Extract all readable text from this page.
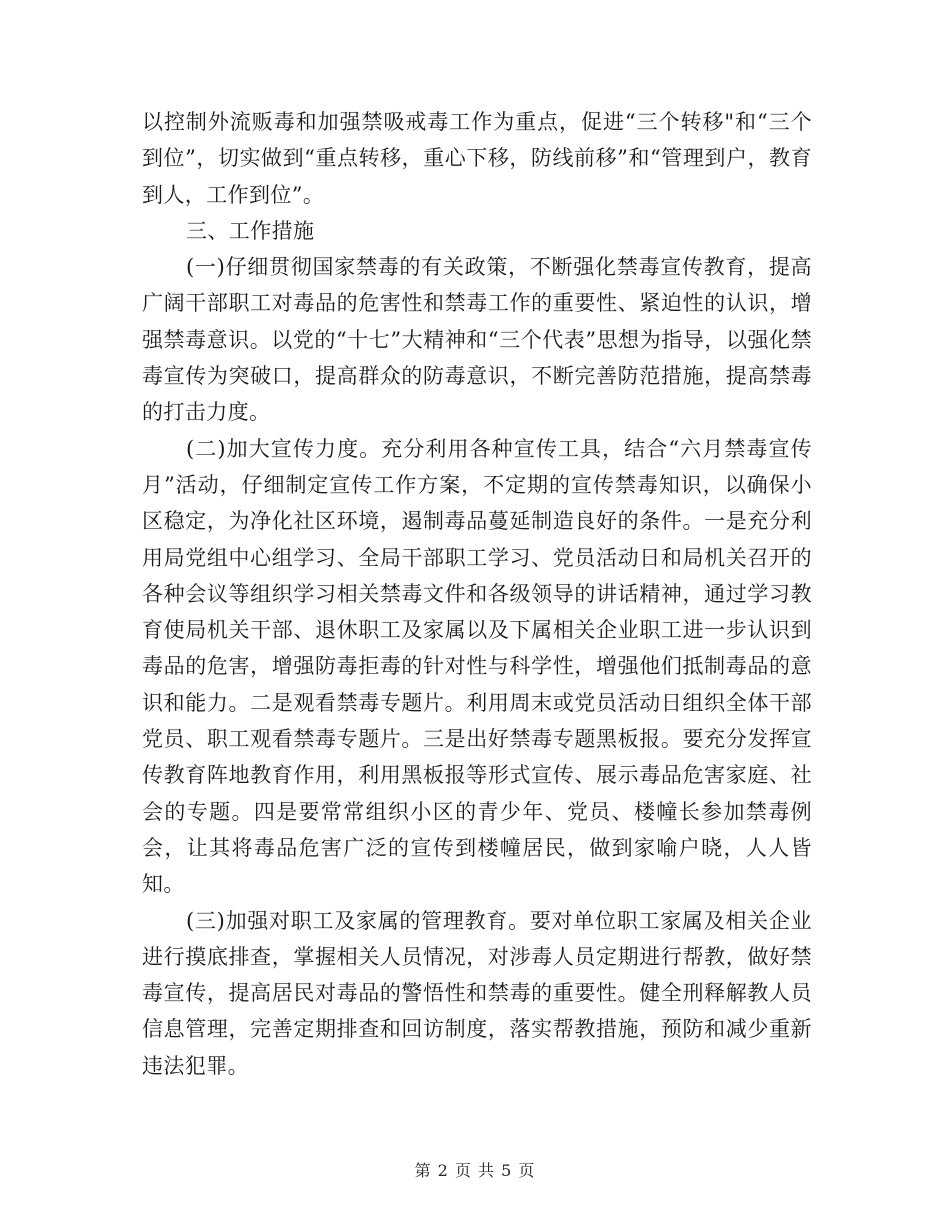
以控制外流贩毒和加强禁吸戒毒工作为重点，促进“三个转移"和“三个到位”，切实做到“重点转移，重心下移，防线前移”和“管理到户，教育到人，工作到位”。

三、工作措施

(一)仔细贯彻国家禁毒的有关政策，不断强化禁毒宣传教育，提高广阔干部职工对毒品的危害性和禁毒工作的重要性、紧迫性的认识，增强禁毒意识。以党的“十七”大精神和“三个代表”思想为指导，以强化禁毒宣传为突破口，提高群众的防毒意识，不断完善防范措施，提高禁毒的打击力度。

(二)加大宣传力度。充分利用各种宣传工具，结合“六月禁毒宣传月”活动，仔细制定宣传工作方案，不定期的宣传禁毒知识，以确保小区稳定，为净化社区环境，遏制毒品蔓延制造良好的条件。一是充分利用局党组中心组学习、全局干部职工学习、党员活动日和局机关召开的各种会议等组织学习相关禁毒文件和各级领导的讲话精神，通过学习教育使局机关干部、退休职工及家属以及下属相关企业职工进一步认识到毒品的危害，增强防毒拒毒的针对性与科学性，增强他们抵制毒品的意识和能力。二是观看禁毒专题片。利用周末或党员活动日组织全体干部党员、职工观看禁毒专题片。三是出好禁毒专题黑板报。要充分发挥宣传教育阵地教育作用，利用黑板报等形式宣传、展示毒品危害家庭、社会的专题。四是要常常组织小区的青少年、党员、楼幢长参加禁毒例会，让其将毒品危害广泛的宣传到楼幢居民，做到家喻户晓，人人皆知。

(三)加强对职工及家属的管理教育。要对单位职工家属及相关企业进行摸底排查，掌握相关人员情况，对涉毒人员定期进行帮教，做好禁毒宣传，提高居民对毒品的警悟性和禁毒的重要性。健全刑释解教人员信息管理，完善定期排查和回访制度，落实帮教措施，预防和减少重新违法犯罪。

第 2 页 共 5 页
